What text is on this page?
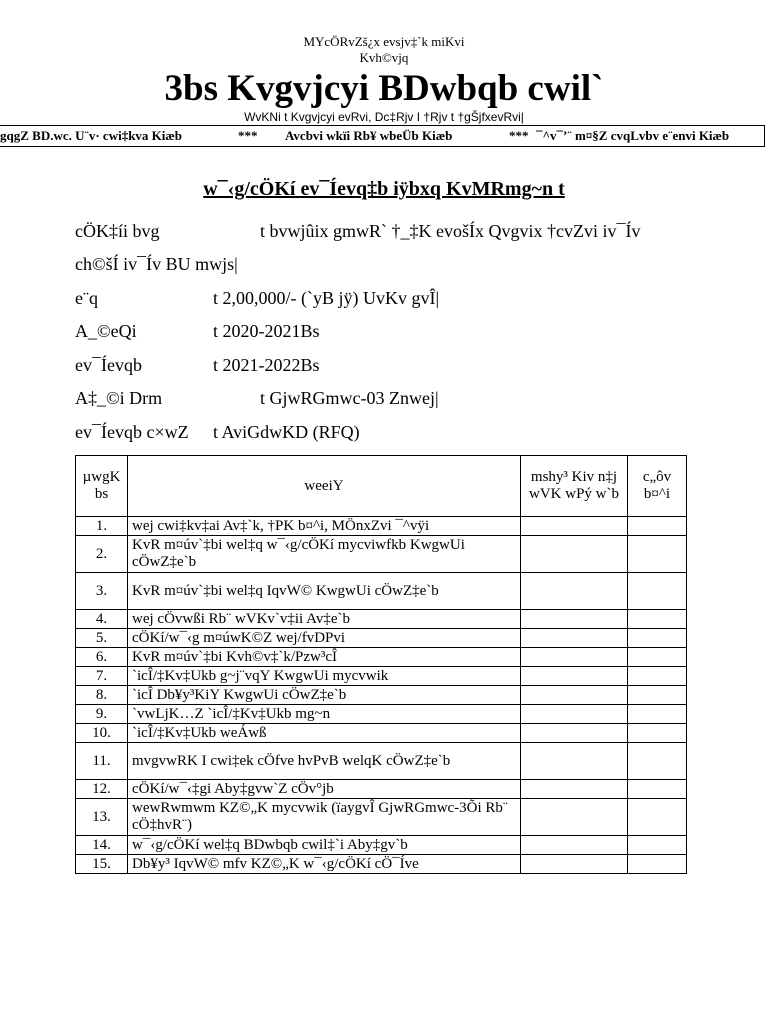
MYcÖRvZš¿x evsjv‡`k miKvi
Kvh©vjq
3bs Kvgvjcyi BDwbqb cwil`
WvKNi t Kvgvjcyi evRvi, Dc‡Rjv I †Rjv t †gŠjfxevRvi|
gqgZ BD.wc. U¨v· cwi‡kva Kiæb	*** Avcbvi wkïi Rb¥ wbeÜb Kiæb	*** ¯^v¯’¨ m¤§Z cvqLvbv e¨envi Kiæb
w¯‹g/cÖKí ev¯Íevq‡b iÿbxq KvMRmg~n t
cÖK‡íi bvg	t bvwjûix gmwR` †_‡K evošÍx Qvgvix †cvZvi iv¯Ív
ch©šÍ iv¯Ív BU mwjs|
e¨q	t 2,00,000/- (`yB jÿ) UvKv gvÎ|
A_©eQi	t 2020-2021Bs
ev¯Íevqb	t 2021-2022Bs
A‡_©i Drm	t GjwRGmwc-03 Znwej|
ev¯Íevqb c×wZ t AviGdwKD (RFQ)
µwgK bs	weeiY	mshy³ Kiv n‡j wVK wPý w`b	c„ôv b¤^i
1.	wej cwi‡kv‡ai Av‡`k, †PK b¤^i, MÖnxZvi ¯^vÿi		
2.	KvR m¤úv`‡bi wel‡q w¯‹g/cÖKí mycviwfkb KwgwUi cÖwZ‡e`b		
3.	KvR m¤úv`‡bi wel‡q IqvW© KwgwUi cÖwZ‡e`b		
4.	wej cÖvwßi Rb¨ wVKv`v‡ii Av‡e`b		
5.	cÖKí/w¯‹g m¤úwK©Z wej/fvDPvi		
6.	KvR m¤úv`‡bi Kvh©v‡`k/Pzw³cÎ		
7.	`icÎ/‡Kv‡Ukb g~j¨vqY KwgwUi mycvwik		
8.	`icÎ Db¥y³KiY KwgwUi cÖwZ‡e`b		
9.	`vwLjK…Z `icÎ/‡Kv‡Ukb mg~n		
10.	`icÎ/‡Kv‡Ukb weÁwß		
11.	mvgvwRK I cwi‡ek cÖfve hvPvB welqK cÖwZ‡e`b		
12.	cÖKí/w¯‹‡gi Aby‡gvw`Z cÖv°jb		
13.	wewRwmwm KZ©„K mycvwik (ïaygvÎ GjwRGmwc-3Õi Rb¨ cÖ‡hvR¨)		
14.	w¯‹g/cÖKí wel‡q BDwbqb cwil‡`i Aby‡gv`b		
15.	Db¥y³ IqvW© mfv KZ©„K w¯‹g/cÖKí cÖ¯Íve		
